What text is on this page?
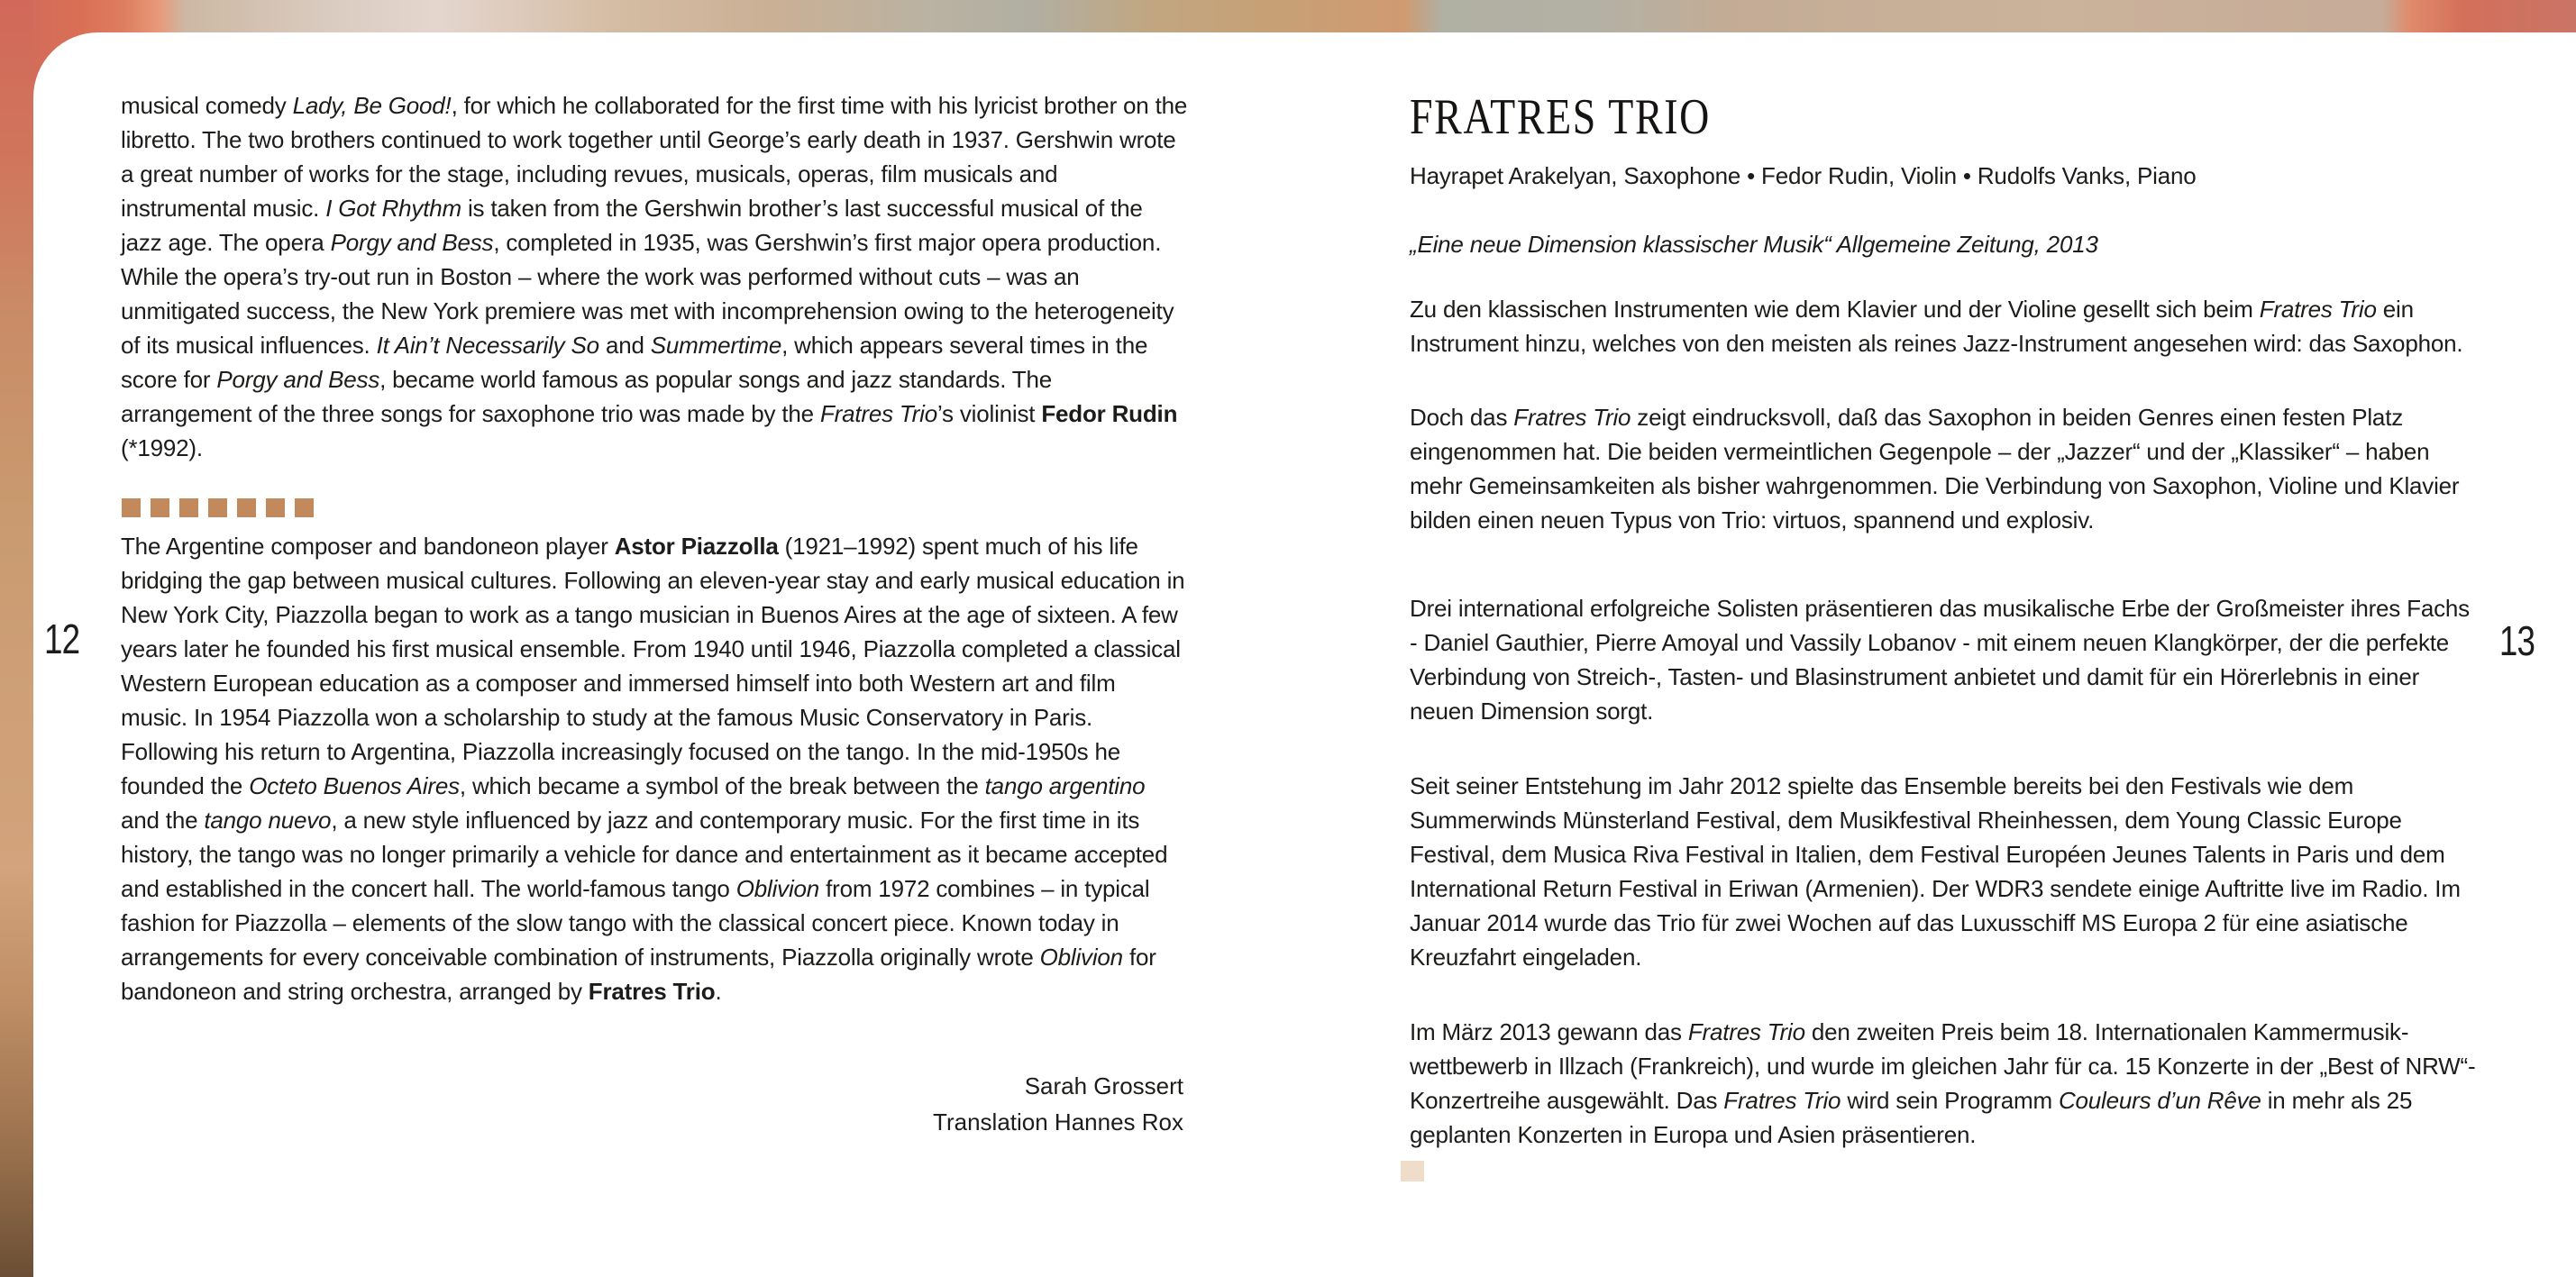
12	13

musical comedy Lady, Be Good!, for which he collaborated for the first time with his lyricist brother on the libretto. The two brothers continued to work together until George’s early death in 1937. Gershwin wrote a great number of works for the stage, including revues, musicals, operas, film musicals and instrumental music. I Got Rhythm is taken from the Gershwin brother’s last successful musical of the jazz age. The opera Porgy and Bess, completed in 1935, was Gershwin’s first major opera production. While the opera’s try-out run in Boston – where the work was performed without cuts – was an unmitigated success, the New York premiere was met with incomprehension owing to the heterogeneity of its musical influences. It Ain’t Necessarily So and Summertime, which appears several times in the score for Porgy and Bess, became world famous as popular songs and jazz standards. The arrangement of the three songs for saxophone trio was made by the Fratres Trio’s violinist Fedor Rudin (*1992).

The Argentine composer and bandoneon player Astor Piazzolla (1921–1992) spent much of his life bridging the gap between musical cultures. Following an eleven-year stay and early musical education in New York City, Piazzolla began to work as a tango musician in Buenos Aires at the age of sixteen. A few years later he founded his first musical ensemble. From 1940 until 1946, Piazzolla completed a classical Western European education as a composer and immersed himself into both Western art and film music. In 1954 Piazzolla won a scholarship to study at the famous Music Conservatory in Paris. Following his return to Argentina, Piazzolla increasingly focused on the tango. In the mid-1950s he founded the Octeto Buenos Aires, which became a symbol of the break between the tango argentino and the tango nuevo, a new style influenced by jazz and contemporary music. For the first time in its history, the tango was no longer primarily a vehicle for dance and entertainment as it became accepted and established in the concert hall. The world-famous tango Oblivion from 1972 combines – in typical fashion for Piazzolla – elements of the slow tango with the classical concert piece. Known today in arrangements for every conceivable combination of instruments, Piazzolla originally wrote Oblivion for bandoneon and string orchestra, arranged by Fratres Trio.

Sarah Grossert
Translation Hannes Rox
FRATRES TRIO
Hayrapet Arakelyan, Saxophone • Fedor Rudin, Violin • Rudolfs Vanks, Piano
„Eine neue Dimension klassischer Musik“ Allgemeine Zeitung, 2013

Zu den klassischen Instrumenten wie dem Klavier und der Violine gesellt sich beim Fratres Trio ein Instrument hinzu, welches von den meisten als reines Jazz-Instrument angesehen wird: das Saxophon.

Doch das Fratres Trio zeigt eindrucksvoll, daß das Saxophon in beiden Genres einen festen Platz eingenommen hat. Die beiden vermeintlichen Gegenpole – der „Jazzer“ und der „Klassiker“ – haben mehr Gemeinsamkeiten als bisher wahrgenommen. Die Verbindung von Saxophon, Violine und Klavier bilden einen neuen Typus von Trio: virtuos, spannend und explosiv.

Drei international erfolgreiche Solisten präsentieren das musikalische Erbe der Großmeister ihres Fachs - Daniel Gauthier, Pierre Amoyal und Vassily Lobanov - mit einem neuen Klangkörper, der die perfekte Verbindung von Streich-, Tasten- und Blasinstrument anbietet und damit für ein Hörerlebnis in einer neuen Dimension sorgt.

Seit seiner Entstehung im Jahr 2012 spielte das Ensemble bereits bei den Festivals wie dem Summerwinds Münsterland Festival, dem Musikfestival Rheinhessen, dem Young Classic Europe Festival, dem Musica Riva Festival in Italien, dem Festival Européen Jeunes Talents in Paris und dem International Return Festival in Eriwan (Armenien). Der WDR3 sendete einige Auftritte live im Radio. Im Januar 2014 wurde das Trio für zwei Wochen auf das Luxusschiff MS Europa 2 für eine asiatische Kreuzfahrt eingeladen.

Im März 2013 gewann das Fratres Trio den zweiten Preis beim 18. Internationalen Kammermusikwettbewerb in Illzach (Frankreich), und wurde im gleichen Jahr für ca. 15 Konzerte in der „Best of NRW“-Konzertreihe ausgewählt. Das Fratres Trio wird sein Programm Couleurs d’un Rêve in mehr als 25 geplanten Konzerten in Europa und Asien präsentieren.
